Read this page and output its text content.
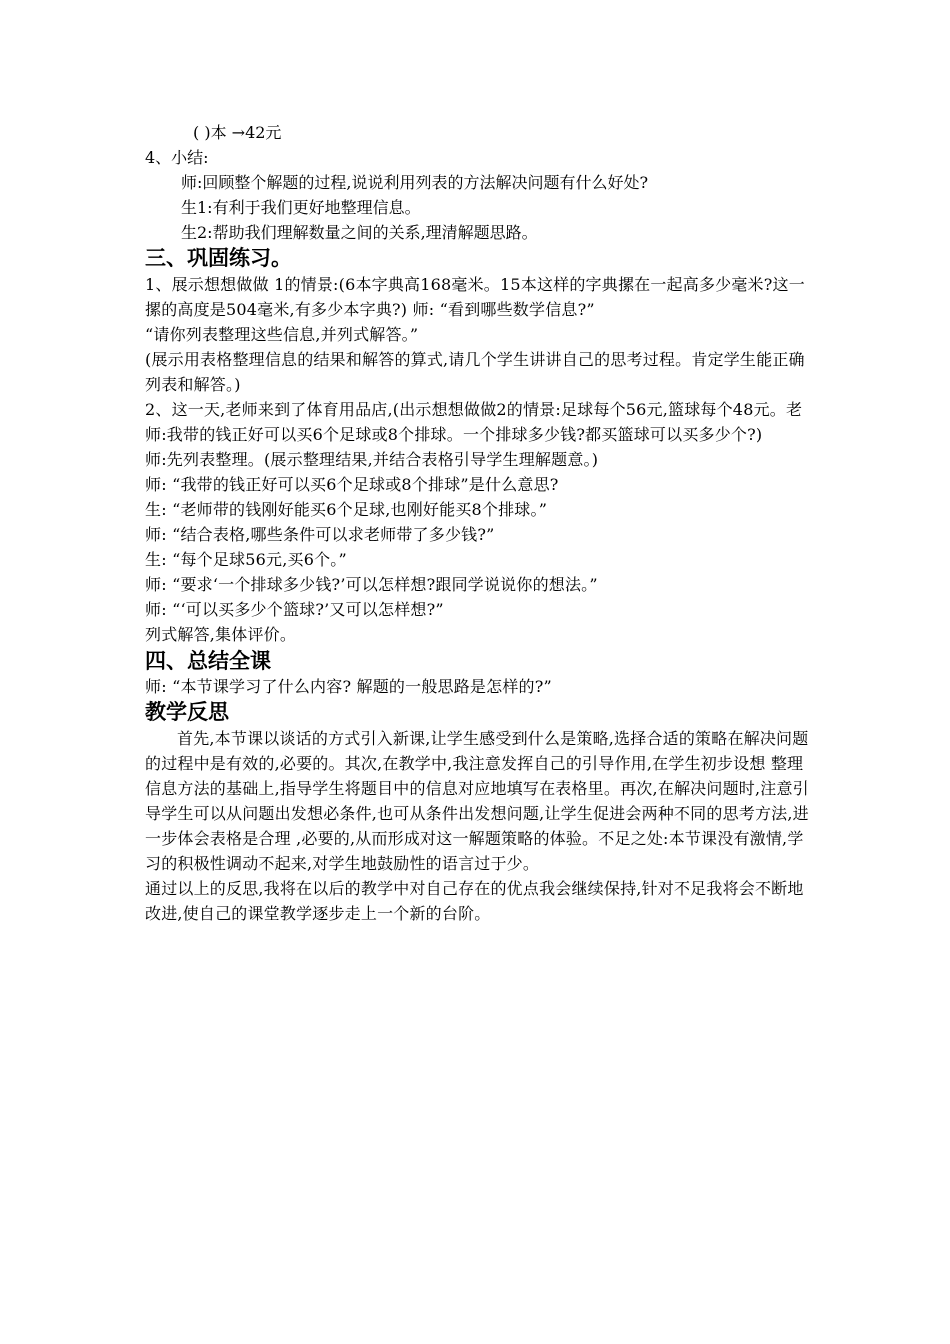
( )本 →42元
4、小结:
师:回顾整个解题的过程,说说利用列表的方法解决问题有什么好处?
生1:有利于我们更好地整理信息。
生2:帮助我们理解数量之间的关系,理清解题思路。
三、巩固练习。
1、展示想想做做 1的情景:(6本字典高168毫米。15本这样的字典摞在一起高多少毫米?这一摞的高度是504毫米,有多少本字典?) 师: “看到哪些数学信息?”
“请你列表整理这些信息,并列式解答。”
(展示用表格整理信息的结果和解答的算式,请几个学生讲讲自己的思考过程。肯定学生能正确列表和解答。)
2、这一天,老师来到了体育用品店,(出示想想做做2的情景:足球每个56元,篮球每个48元。老师:我带的钱正好可以买6个足球或8个排球。一个排球多少钱?都买篮球可以买多少个?)
师:先列表整理。(展示整理结果,并结合表格引导学生理解题意。)
师: “我带的钱正好可以买6个足球或8个排球”是什么意思?
生: “老师带的钱刚好能买6个足球,也刚好能买8个排球。”
师: “结合表格,哪些条件可以求老师带了多少钱?”
生: “每个足球56元,买6个。”
师: “要求‘一个排球多少钱?’可以怎样想?跟同学说说你的想法。”
师: “‘可以买多少个篮球?’又可以怎样想?”
列式解答,集体评价。
四、总结全课
师: “本节课学习了什么内容? 解题的一般思路是怎样的?”
教学反思
首先,本节课以谈话的方式引入新课,让学生感受到什么是策略,选择合适的策略在解决问题的过程中是有效的,必要的。其次,在教学中,我注意发挥自己的引导作用,在学生初步设想 整理信息方法的基础上,指导学生将题目中的信息对应地填写在表格里。再次,在解决问题时,注意引导学生可以从问题出发想必条件,也可从条件出发想问题,让学生促进会两种不同的思考方法,进一步体会表格是合理 ,必要的,从而形成对这一解题策略的体验。不足之处:本节课没有激情,学习的积极性调动不起来,对学生地鼓励性的语言过于少。
通过以上的反思,我将在以后的教学中对自己存在的优点我会继续保持,针对不足我将会不断地改进,使自己的课堂教学逐步走上一个新的台阶。
